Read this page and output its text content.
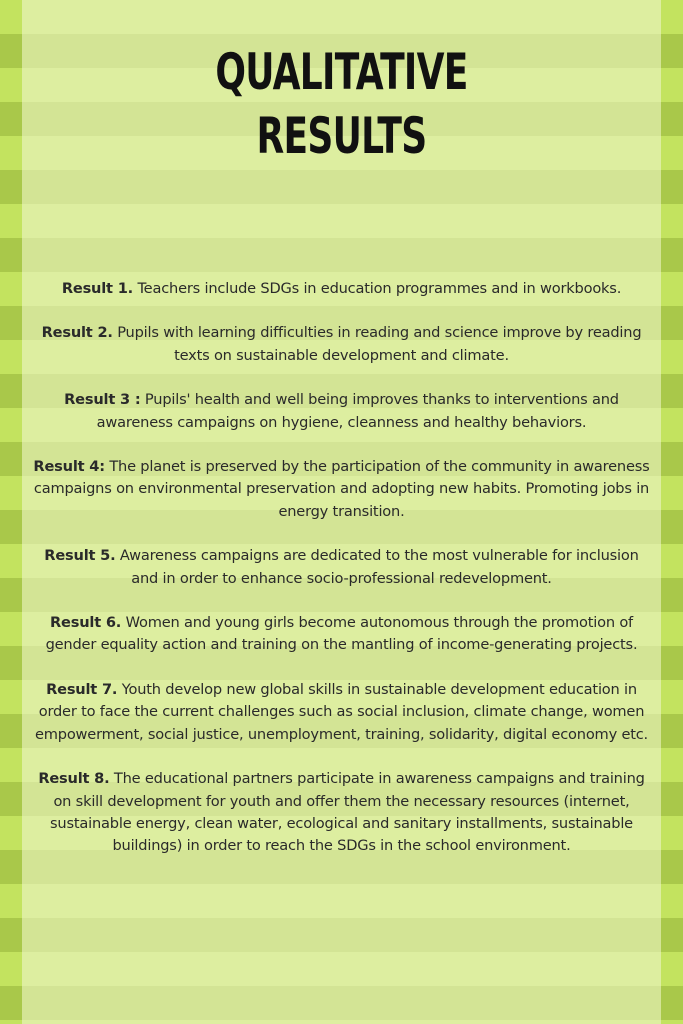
QUALITATIVE
RESULTS

Result 1. Teachers include SDGs in education programmes and in workbooks.

Result 2. Pupils with learning difficulties in reading and science improve by reading texts on sustainable development and climate.

Result 3 : Pupils' health and well being improves thanks to interventions and awareness campaigns on hygiene, cleanness and healthy behaviors.

Result 4: The planet is preserved by the participation of the community in awareness campaigns on environmental preservation and adopting new habits. Promoting jobs in energy transition.

Result 5. Awareness campaigns are dedicated to the most vulnerable for inclusion and in order to enhance socio-professional redevelopment.

Result 6. Women and young girls become autonomous through the promotion of gender equality action and training on the mantling of income-generating projects.

Result 7. Youth develop new global skills in sustainable development education in order to face the current challenges such as social inclusion, climate change, women empowerment, social justice, unemployment, training, solidarity, digital economy etc.

Result 8. The educational partners participate in awareness campaigns and training on skill development for youth and offer them the necessary resources (internet, sustainable energy, clean water, ecological and sanitary installments, sustainable buildings) in order to reach the SDGs in the school environment.
